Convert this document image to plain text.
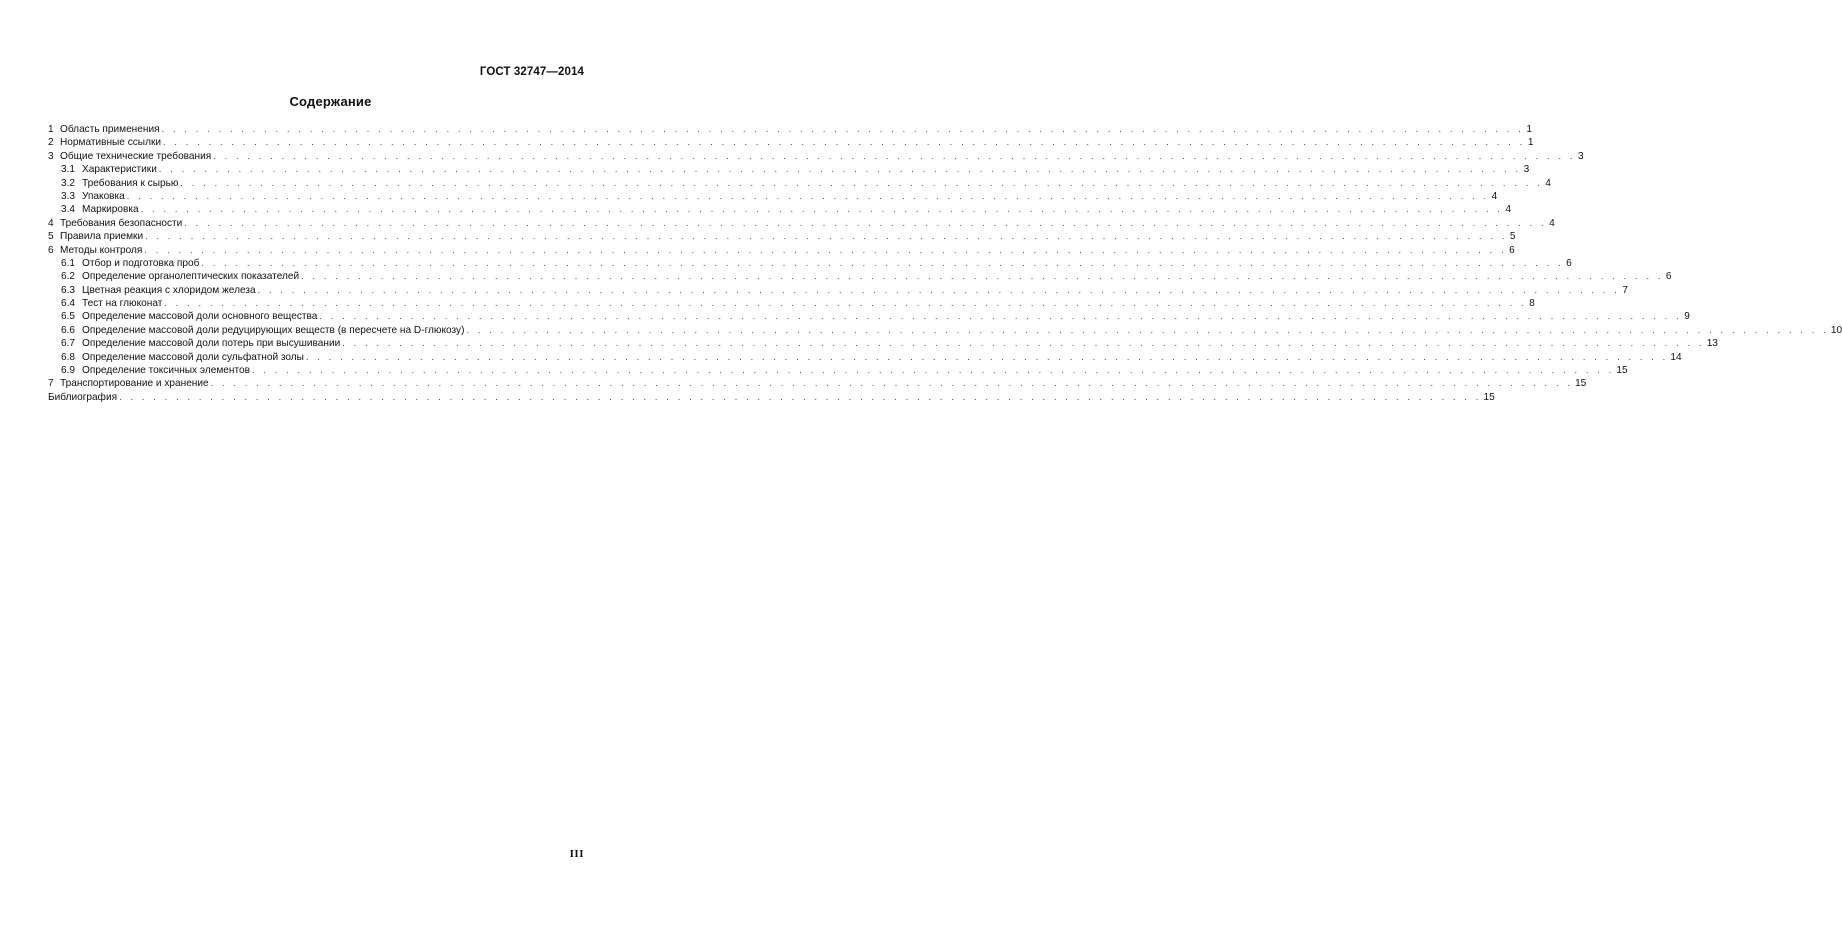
ГОСТ 32747—2014
Содержание
1 Область применения . . . . . . . . . . . . . . . . . . . . . . . . . . . . . . . . . . . . . . . . . . . . . . . . . . . . . . . . . . . . . . . . . . . . . . . . . . . . . . . . . . . . . . . . . . . . . . . . . . . . . . . . . . . . . . . . . . . . . . . . 1
2 Нормативные ссылки . . . . . . . . . . . . . . . . . . . . . . . . . . . . . . . . . . . . . . . . . . . . . . . . . . . . . . . . . . . . . . . . . . . . . . . . . . . . . . . . . . . . . . . . . . . . . . . . . . . . . . . . . . . . . . . . . . . . . . . . 1
3 Общие технические требования . . . . . . . . . . . . . . . . . . . . . . . . . . . . . . . . . . . . . . . . . . . . . . . . . . . . . . . . . . . . . . . . . . . . . . . . . . . . . . . . . . . . . . . . . . . . . . . . . . . . . . . . . . . . . . . . . . . . . . . . 3
3.1 Характеристики . . . . . . . . . . . . . . . . . . . . . . . . . . . . . . . . . . . . . . . . . . . . . . . . . . . . . . . . . . . . . . . . . . . . . . . . . . . . . . . . . . . . . . . . . . . . . . . . . . . . . . . . . . . . . . . . . . . . . . . . 3
3.2 Требования к сырью . . . . . . . . . . . . . . . . . . . . . . . . . . . . . . . . . . . . . . . . . . . . . . . . . . . . . . . . . . . . . . . . . . . . . . . . . . . . . . . . . . . . . . . . . . . . . . . . . . . . . . . . . . . . . . . . . . . . . . . . 4
3.3 Упаковка . . . . . . . . . . . . . . . . . . . . . . . . . . . . . . . . . . . . . . . . . . . . . . . . . . . . . . . . . . . . . . . . . . . . . . . . . . . . . . . . . . . . . . . . . . . . . . . . . . . . . . . . . . . . . . . . . . . . . . . . 4
3.4 Маркировка . . . . . . . . . . . . . . . . . . . . . . . . . . . . . . . . . . . . . . . . . . . . . . . . . . . . . . . . . . . . . . . . . . . . . . . . . . . . . . . . . . . . . . . . . . . . . . . . . . . . . . . . . . . . . . . . . . . . . . . . 4
4 Требования безопасности . . . . . . . . . . . . . . . . . . . . . . . . . . . . . . . . . . . . . . . . . . . . . . . . . . . . . . . . . . . . . . . . . . . . . . . . . . . . . . . . . . . . . . . . . . . . . . . . . . . . . . . . . . . . . . . . . . . . . . . . 4
5 Правила приемки . . . . . . . . . . . . . . . . . . . . . . . . . . . . . . . . . . . . . . . . . . . . . . . . . . . . . . . . . . . . . . . . . . . . . . . . . . . . . . . . . . . . . . . . . . . . . . . . . . . . . . . . . . . . . . . . . . . . . . . . 5
6 Методы контроля . . . . . . . . . . . . . . . . . . . . . . . . . . . . . . . . . . . . . . . . . . . . . . . . . . . . . . . . . . . . . . . . . . . . . . . . . . . . . . . . . . . . . . . . . . . . . . . . . . . . . . . . . . . . . . . . . . . . . . . . 6
6.1 Отбор и подготовка проб . . . . . . . . . . . . . . . . . . . . . . . . . . . . . . . . . . . . . . . . . . . . . . . . . . . . . . . . . . . . . . . . . . . . . . . . . . . . . . . . . . . . . . . . . . . . . . . . . . . . . . . . . . . . . . . . . . . . . . . . 6
6.2 Определение органолептических показателей . . . . . . . . . . . . . . . . . . . . . . . . . . . . . . . . . . . . . . . . . . . . . . . . . . . . . . . . . . . . . . . . . . . . . . . . . . . . . . . . . . . . . . . . . . . . . . . . . . . . . . . . . . . . . . . . . . . . . . . . 6
6.3 Цветная реакция с хлоридом железа . . . . . . . . . . . . . . . . . . . . . . . . . . . . . . . . . . . . . . . . . . . . . . . . . . . . . . . . . . . . . . . . . . . . . . . . . . . . . . . . . . . . . . . . . . . . . . . . . . . . . . . . . . . . . . . . . . . . . . . . 7
6.4 Тест на глюконат . . . . . . . . . . . . . . . . . . . . . . . . . . . . . . . . . . . . . . . . . . . . . . . . . . . . . . . . . . . . . . . . . . . . . . . . . . . . . . . . . . . . . . . . . . . . . . . . . . . . . . . . . . . . . . . . . . . . . . . . 8
6.5 Определение массовой доли основного вещества . . . . . . . . . . . . . . . . . . . . . . . . . . . . . . . . . . . . . . . . . . . . . . . . . . . . . . . . . . . . . . . . . . . . . . . . . . . . . . . . . . . . . . . . . . . . . . . . . . . . . . . . . . . . . . . . . . . . . . . . 9
6.6 Определение массовой доли редуцирующих веществ (в пересчете на D-глюкозу) . . . . . . . . . . . . . . . . . . . . . . . . . . . . . . . . . . . . . . . . . . . . . . . . . . . . . . . . . . . . . . . . . . . . . . . . . . . . . . . . . . . . . . . . . . . . . . . . . . . . . . . . . . . . . . . . . . . . . . . . 10
6.7 Определение массовой доли потерь при высушивании . . . . . . . . . . . . . . . . . . . . . . . . . . . . . . . . . . . . . . . . . . . . . . . . . . . . . . . . . . . . . . . . . . . . . . . . . . . . . . . . . . . . . . . . . . . . . . . . . . . . . . . . . . . . . . . . . . . . . . . . 13
6.8 Определение массовой доли сульфатной золы . . . . . . . . . . . . . . . . . . . . . . . . . . . . . . . . . . . . . . . . . . . . . . . . . . . . . . . . . . . . . . . . . . . . . . . . . . . . . . . . . . . . . . . . . . . . . . . . . . . . . . . . . . . . . . . . . . . . . . . . 14
6.9 Определение токсичных элементов . . . . . . . . . . . . . . . . . . . . . . . . . . . . . . . . . . . . . . . . . . . . . . . . . . . . . . . . . . . . . . . . . . . . . . . . . . . . . . . . . . . . . . . . . . . . . . . . . . . . . . . . . . . . . . . . . . . . . . . . 15
7 Транспортирование и хранение . . . . . . . . . . . . . . . . . . . . . . . . . . . . . . . . . . . . . . . . . . . . . . . . . . . . . . . . . . . . . . . . . . . . . . . . . . . . . . . . . . . . . . . . . . . . . . . . . . . . . . . . . . . . . . . . . . . . . . . . 15
Библиография . . . . . . . . . . . . . . . . . . . . . . . . . . . . . . . . . . . . . . . . . . . . . . . . . . . . . . . . . . . . . . . . . . . . . . . . . . . . . . . . . . . . . . . . . . . . . . . . . . . . . . . . . . . . . . . . . . . . . . . . 15
III
